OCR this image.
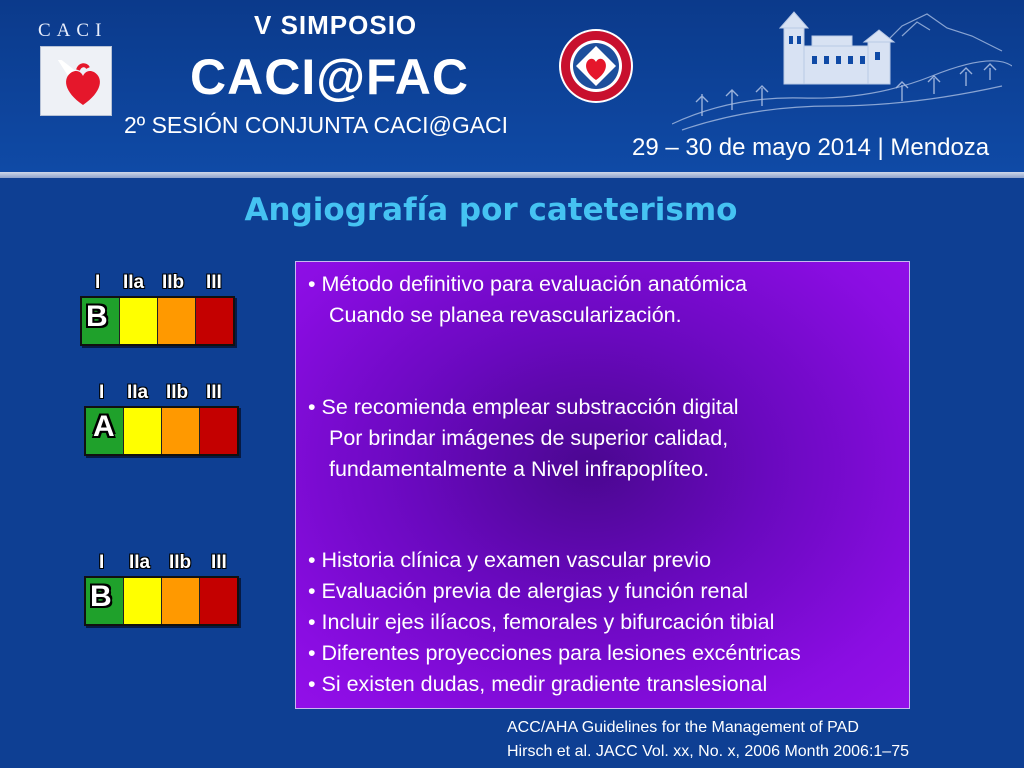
CACI	V SIMPOSIO
CACI@FAC
2º SESIÓN CONJUNTA CACI@GACI
29 – 30 de mayo 2014 | Mendoza
Angiografía por cateterismo
I IIa IIb III
B
I IIa IIb III
A
I IIa IIb III
B
• Método definitivo para evaluación anatómica
Cuando se planea revascularización.
• Se recomienda emplear substracción digital
Por brindar imágenes de superior calidad,
fundamentalmente a Nivel infrapoplíteo.
• Historia clínica y examen vascular previo
• Evaluación previa de alergias y función renal
• Incluir ejes ilíacos, femorales y bifurcación tibial
• Diferentes proyecciones para lesiones excéntricas
• Si existen dudas, medir gradiente translesional
ACC/AHA Guidelines for the Management of PAD
Hirsch et al. JACC Vol. xx, No. x, 2006 Month 2006:1–75
